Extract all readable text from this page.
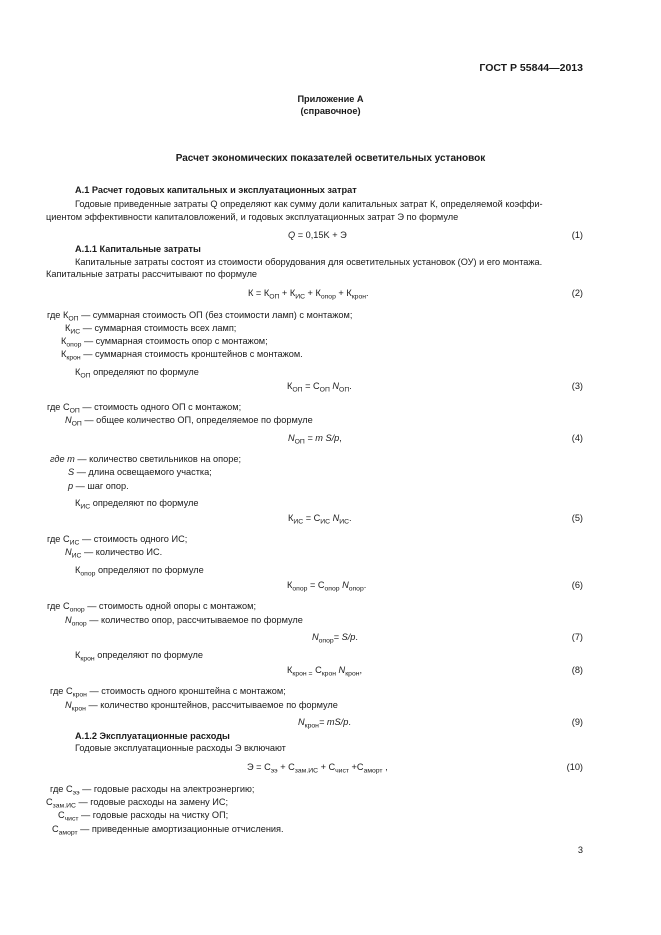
ГОСТ Р 55844—2013
Приложение А
(справочное)
Расчет экономических показателей осветительных установок
А.1 Расчет годовых капитальных и эксплуатационных затрат
Годовые приведенные затраты Q определяют как сумму доли капитальных затрат К, определяемой коэффи-
циентом эффективности капиталовложений, и годовых эксплуатационных затрат Э по формуле
Q = 0,15K + Э	(1)
А.1.1 Капитальные затраты
Капитальные затраты состоят из стоимости оборудования для осветительных установок (ОУ) и его монтажа.
Капитальные затраты рассчитывают по формуле
$К = К_{ОП} + К_{ИС} + К_{опор} + К_{крон}$.	(2)
где $К_{ОП}$ — суммарная стоимость ОП (без стоимости ламп) с монтажом;
$К_{ИС}$ — суммарная стоимость всех ламп;
$К_{опор}$ — суммарная стоимость опор с монтажом;
$К_{крон}$ — суммарная стоимость кронштейнов с монтажом.
$К_{ОП}$ определяют по формуле
$К_{ОП} = С_{ОП}$ $N_{ОП}$.	(3)
где $С_{ОП}$ — стоимость одного ОП с монтажом;
$N_{ОП}$ — общее количество ОП, определяемое по формуле
$N_{ОП} = m$ S/p,	(4)
где m — количество светильников на опоре;
S — длина освещаемого участка;
p — шаг опор.
$К_{ИС}$ определяют по формуле
$К_{ИС} = С_{ИС}$ $N_{ИС}$.	(5)
где $С_{ИС}$ — стоимость одного ИС;
$N_{ИС}$ — количество ИС.
$К_{опор}$ определяют по формуле
$К_{опор} = С_{опор}$ $N_{опор}$.	(6)
где $С_{опор}$ — стоимость одной опоры с монтажом;
$N_{опор}$ — количество опор, рассчитываемое по формуле
$N_{опор}= S/p$.	(7)
$К_{крон}$ определяют по формуле
$К_{крон =}$ $С_{крон}$ $N_{крон}$,	(8)
где $С_{крон}$ — стоимость одного кронштейна с монтажом;
$N_{крон}$ — количество кронштейнов, рассчитываемое по формуле
$N_{крон}= mS/p$.	(9)
А.1.2 Эксплуатационные расходы
Годовые эксплуатационные расходы Э включают
$Э = С_{ээ} + С_{зам.ИС} + С_{чист} +С_{аморт}$ ,	(10)
где $С_{ээ}$ — годовые расходы на электроэнергию;
$С_{зам.ИС}$ — годовые расходы на замену ИС;
$С_{чист}$ — годовые расходы на чистку ОП;
$С_{аморт}$ — приведенные амортизационные отчисления.
3
